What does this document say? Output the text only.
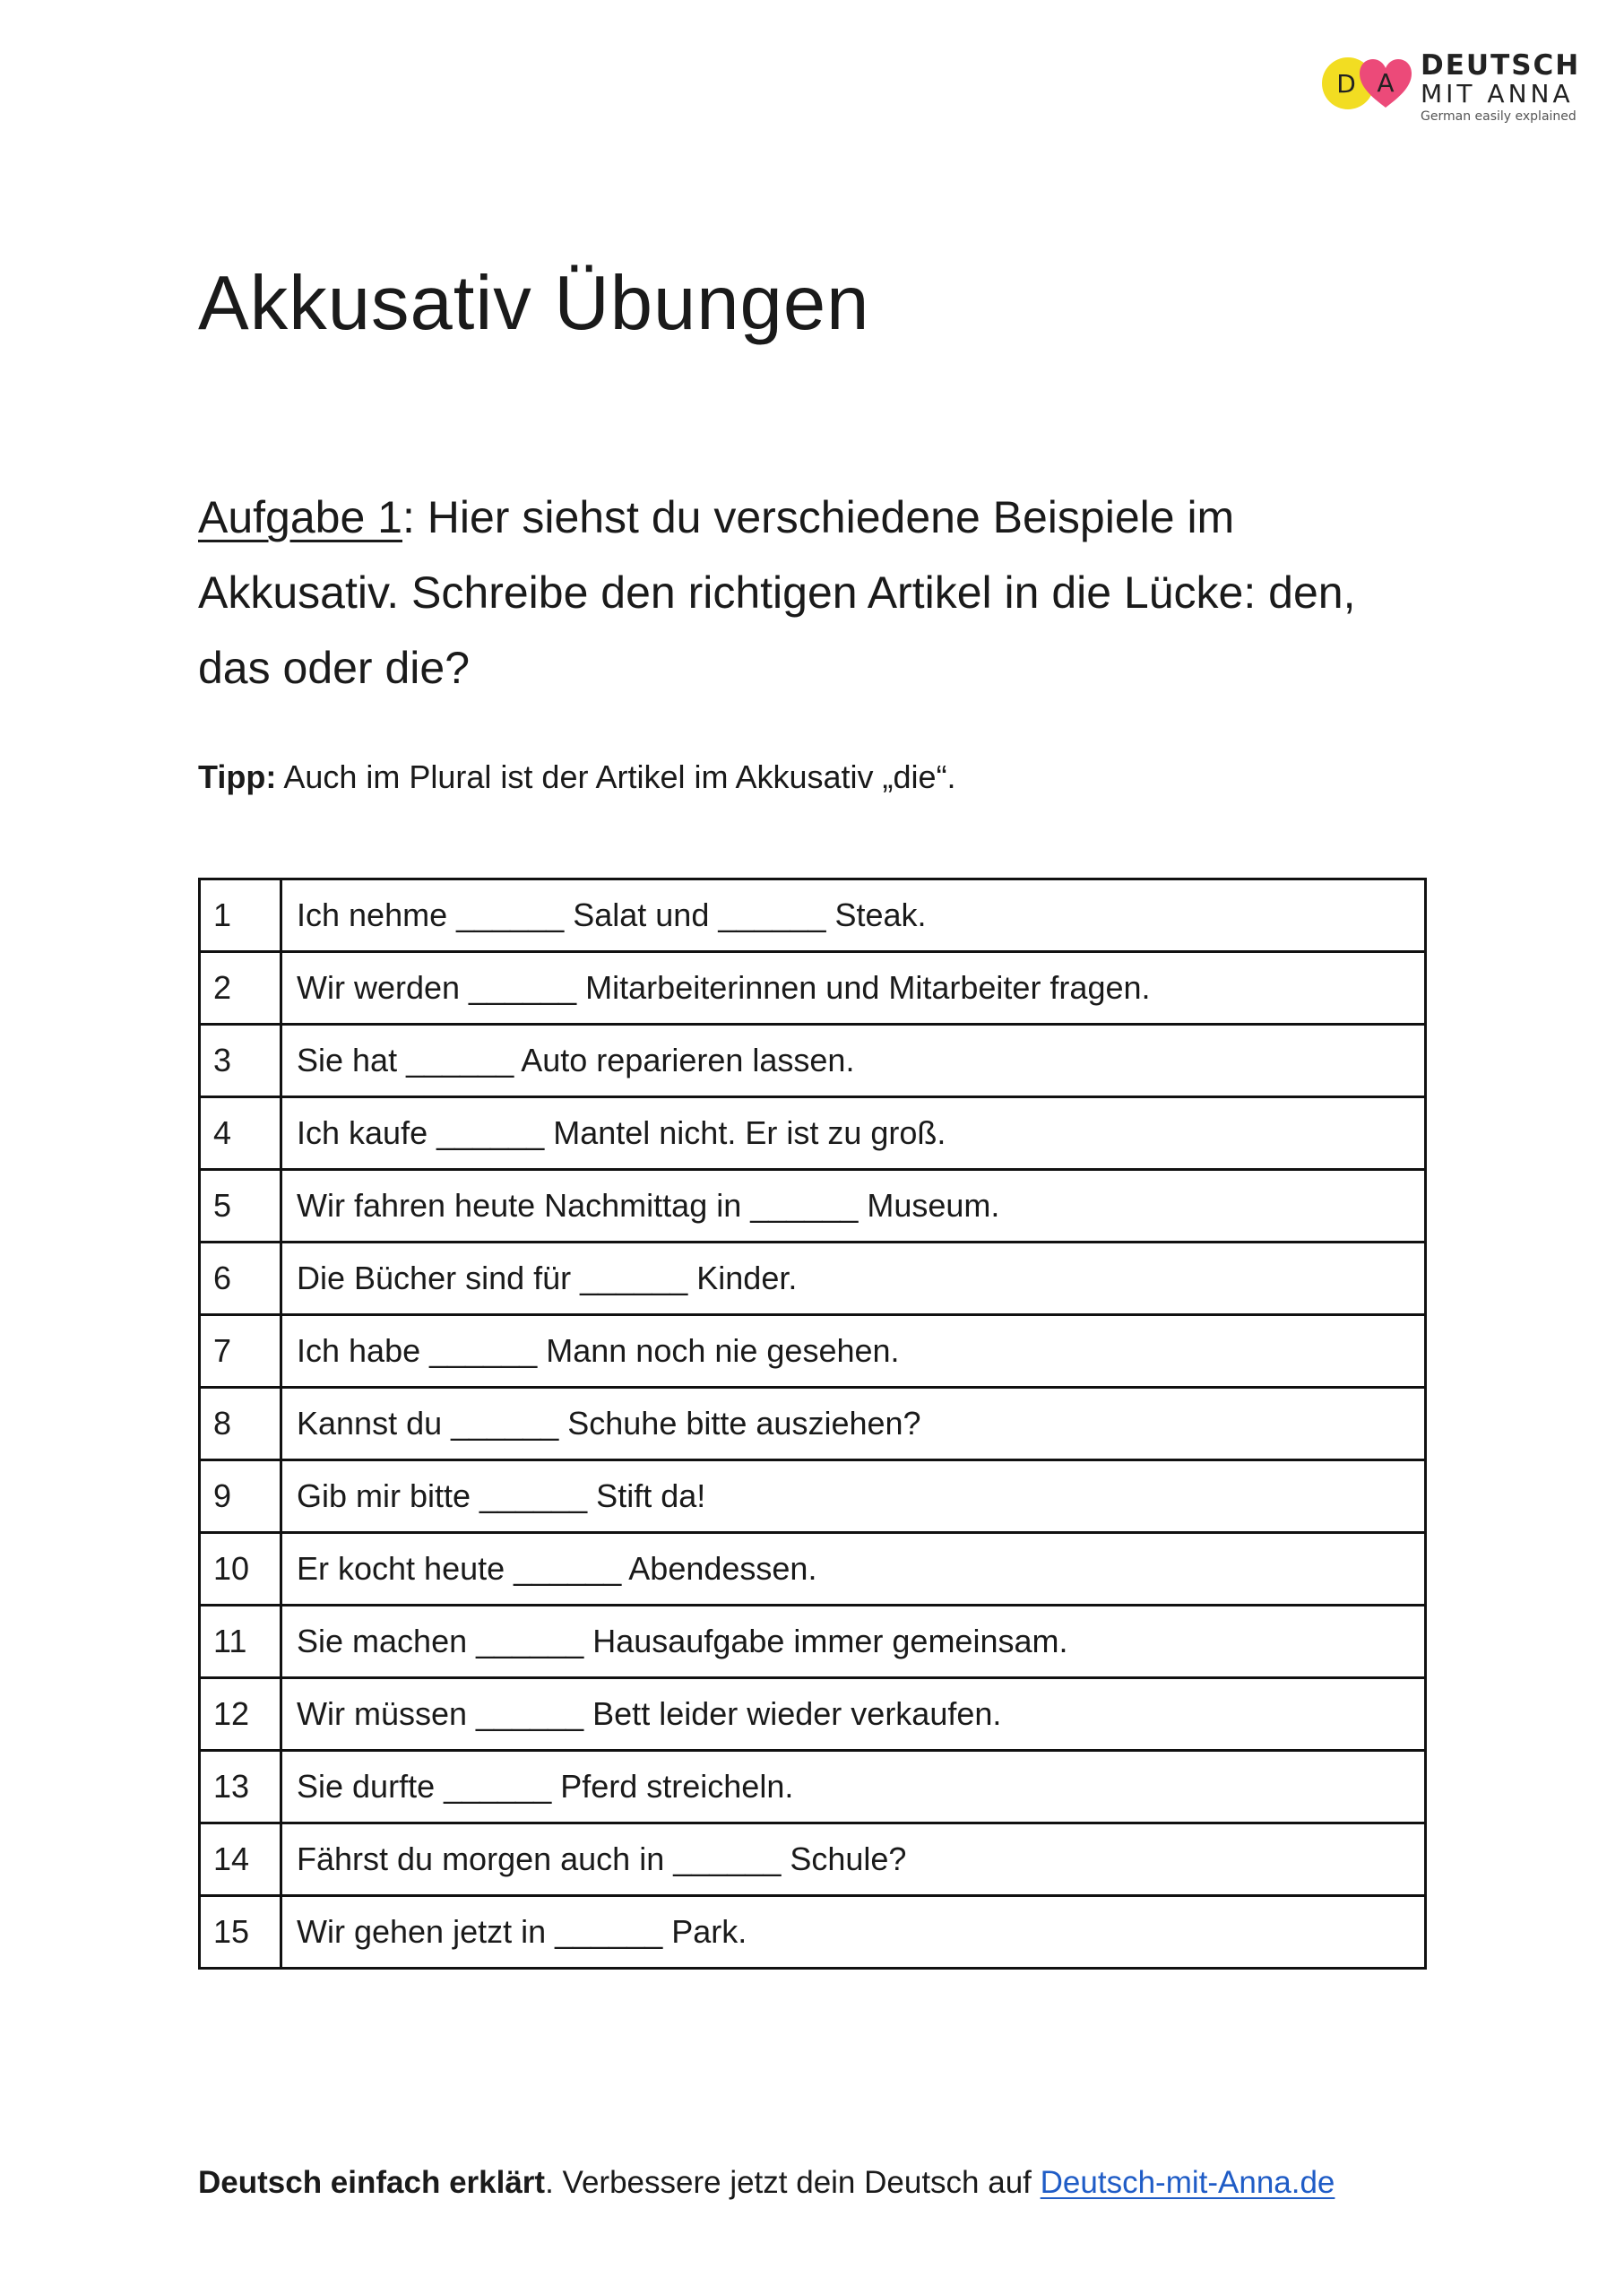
D A
DEUTSCH
MIT ANNA
German easily explained
Akkusativ Übungen

Aufgabe 1: Hier siehst du verschiedene Beispiele im Akkusativ. Schreibe den richtigen Artikel in die Lücke: den, das oder die?

Tipp: Auch im Plural ist der Artikel im Akkusativ „die“.

1	Ich nehme ______ Salat und ______ Steak.
2	Wir werden ______ Mitarbeiterinnen und Mitarbeiter fragen.
3	Sie hat ______ Auto reparieren lassen.
4	Ich kaufe ______ Mantel nicht. Er ist zu groß.
5	Wir fahren heute Nachmittag in ______ Museum.
6	Die Bücher sind für ______ Kinder.
7	Ich habe ______ Mann noch nie gesehen.
8	Kannst du ______ Schuhe bitte ausziehen?
9	Gib mir bitte ______ Stift da!
10	Er kocht heute ______ Abendessen.
11	Sie machen ______ Hausaufgabe immer gemeinsam.
12	Wir müssen ______ Bett leider wieder verkaufen.
13	Sie durfte ______ Pferd streicheln.
14	Fährst du morgen auch in ______ Schule?
15	Wir gehen jetzt in ______ Park.

Deutsch einfach erklärt. Verbessere jetzt dein Deutsch auf Deutsch-mit-Anna.de
